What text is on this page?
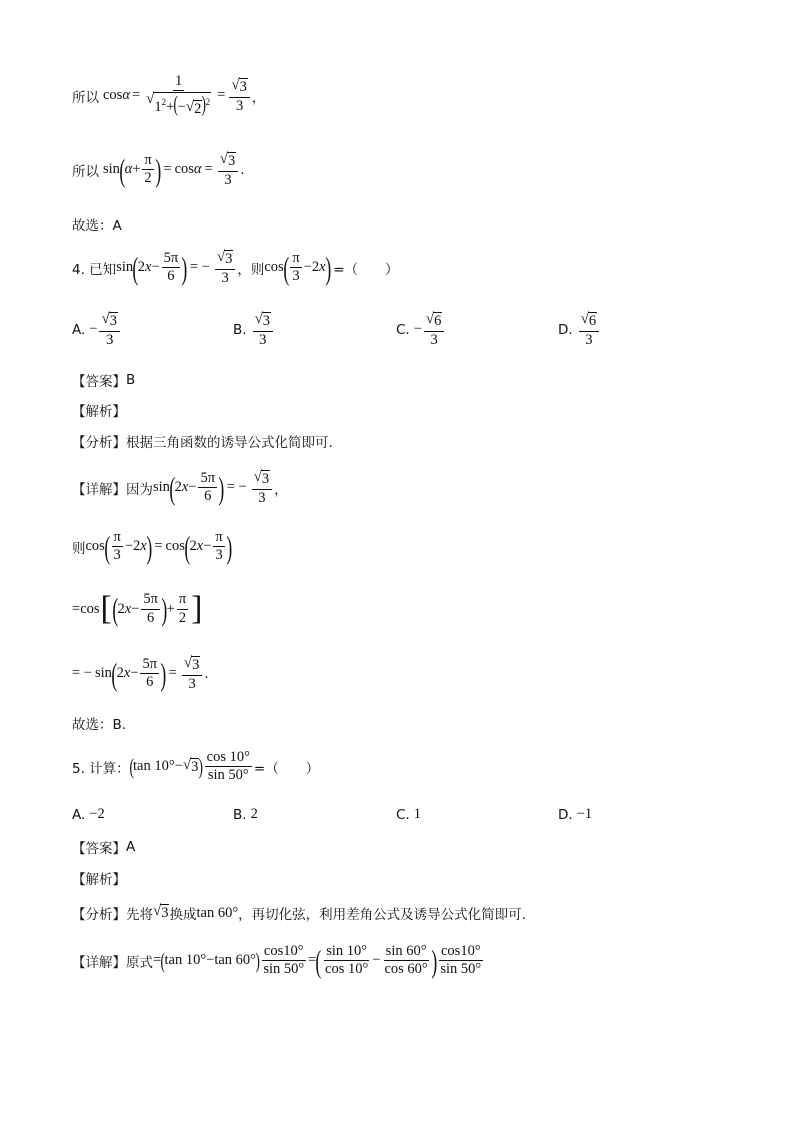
所以 $\cos \alpha = \frac{1}{√ 1^2+(- √ 2 )^2} = \frac{√ 3}{3}$ ，
所以 sin ( $\alpha + \frac{\pi}{2}$ ) = $\cos \alpha = \frac{√ 3}{3}$ .
故选：A
4. 已知 sin ( 2 $x - \frac{5\pi}{6}$ ) = − $\frac{√ 3}{3}$ ，则 cos ( $\frac{\pi}{3} -2$ x ) =（　　）
A. − $\frac{√ 3}{3}$	B. $\frac{√ 3}{3}$	C. − $\frac{√ 6}{3}$	D. $\frac{√ 6}{3}$
【答案】 B
【解析】
【分析】 根据三角函数的诱导公式化简即可.
【详解】 因为 sin ( 2 $x - \frac{5\pi}{6}$ ) = − $\frac{√ 3}{3}$ ，
则 cos ( $\frac{\pi}{3} -2$ x ) = cos ( 2 $x - \frac{\pi}{3}$ )
= cos [ ( 2 $x - \frac{5\pi}{6}$ ) + $\frac{\pi}{2}$ ]
= − sin ( 2 $x - \frac{5\pi}{6}$ ) = $\frac{√ 3}{3}$ .
故选：B.
5. 计算： ( tan 10° − √ 3 ) $\frac{\cos 10^\circ}{\sin 50^\circ}$ =（　　）
A. −2	B. 2	C. 1	D. −1
【答案】 A
【解析】
【分析】 先将 √ 3 换成 tan 60° ，再切化弦，利用差角公式及诱导公式化简即可.
【详解】 原式 = ( tan 10° − tan 60° ) $\frac{\cos 10^\circ}{\sin 50^\circ}$ = ( $\frac{\sin 10^\circ}{\cos 10^\circ} - \frac{\sin 60^\circ}{\cos 60^\circ}$ ) $\frac{\cos 10^\circ}{\sin 50^\circ}$
